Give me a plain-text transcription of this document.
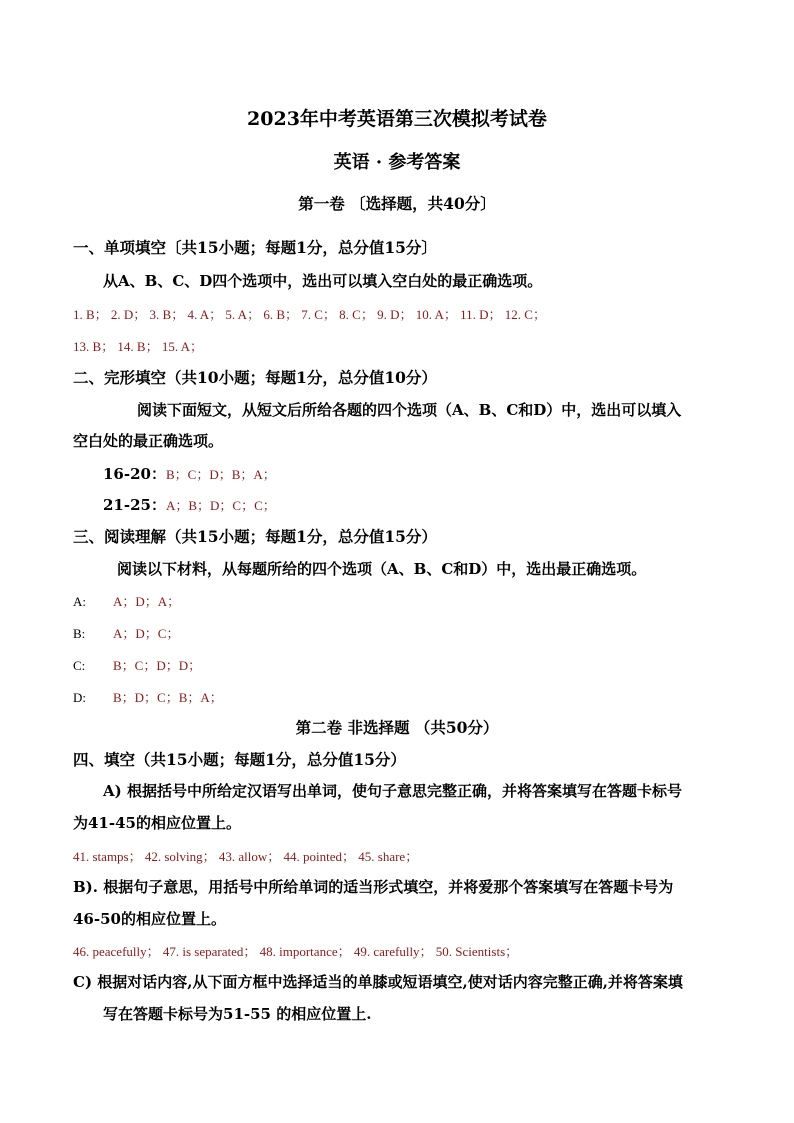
2023年中考英语第三次模拟考试卷
英语 · 参考答案
第一卷 〔选择题，共40分〕
一、单项填空〔共15小题；每题1分，总分值15分〕
从A、B、C、D四个选项中，选出可以填入空白处的最正确选项。
1. B； 2. D； 3. B； 4. A； 5. A； 6. B； 7. C； 8. C； 9. D； 10. A； 11. D； 12. C；
13. B； 14. B； 15. A；
二、完形填空（共10小题；每题1分，总分值10分）
阅读下面短文，从短文后所给各题的四个选项（A、B、C和D）中，选出可以填入
空白处的最正确选项。
16-20：B；C；D；B；A；
21-25：A；B；D；C；C；
三、阅读理解（共15小题；每题1分，总分值15分）
阅读以下材料，从每题所给的四个选项（A、B、C和D）中，选出最正确选项。
A: A；D；A；
B: A；D；C；
C: B；C；D；D；
D: B；D；C；B；A；
第二卷 非选择题 （共50分）
四、填空（共15小题；每题1分，总分值15分）
A) 根据括号中所给定汉语写出单词，使句子意思完整正确，并将答案填写在答题卡标号
为41-45的相应位置上。
41. stamps； 42. solving； 43. allow； 44. pointed； 45. share；
B). 根据句子意思，用括号中所给单词的适当形式填空，并将爱那个答案填写在答题卡号为
46-50的相应位置上。
46. peacefully； 47. is separated； 48. importance； 49. carefully； 50. Scientists；
C) 根据对话内容,从下面方框中选择适当的单膝或短语填空,使对话内容完整正确,并将答案填
写在答题卡标号为51-55 的相应位置上.
